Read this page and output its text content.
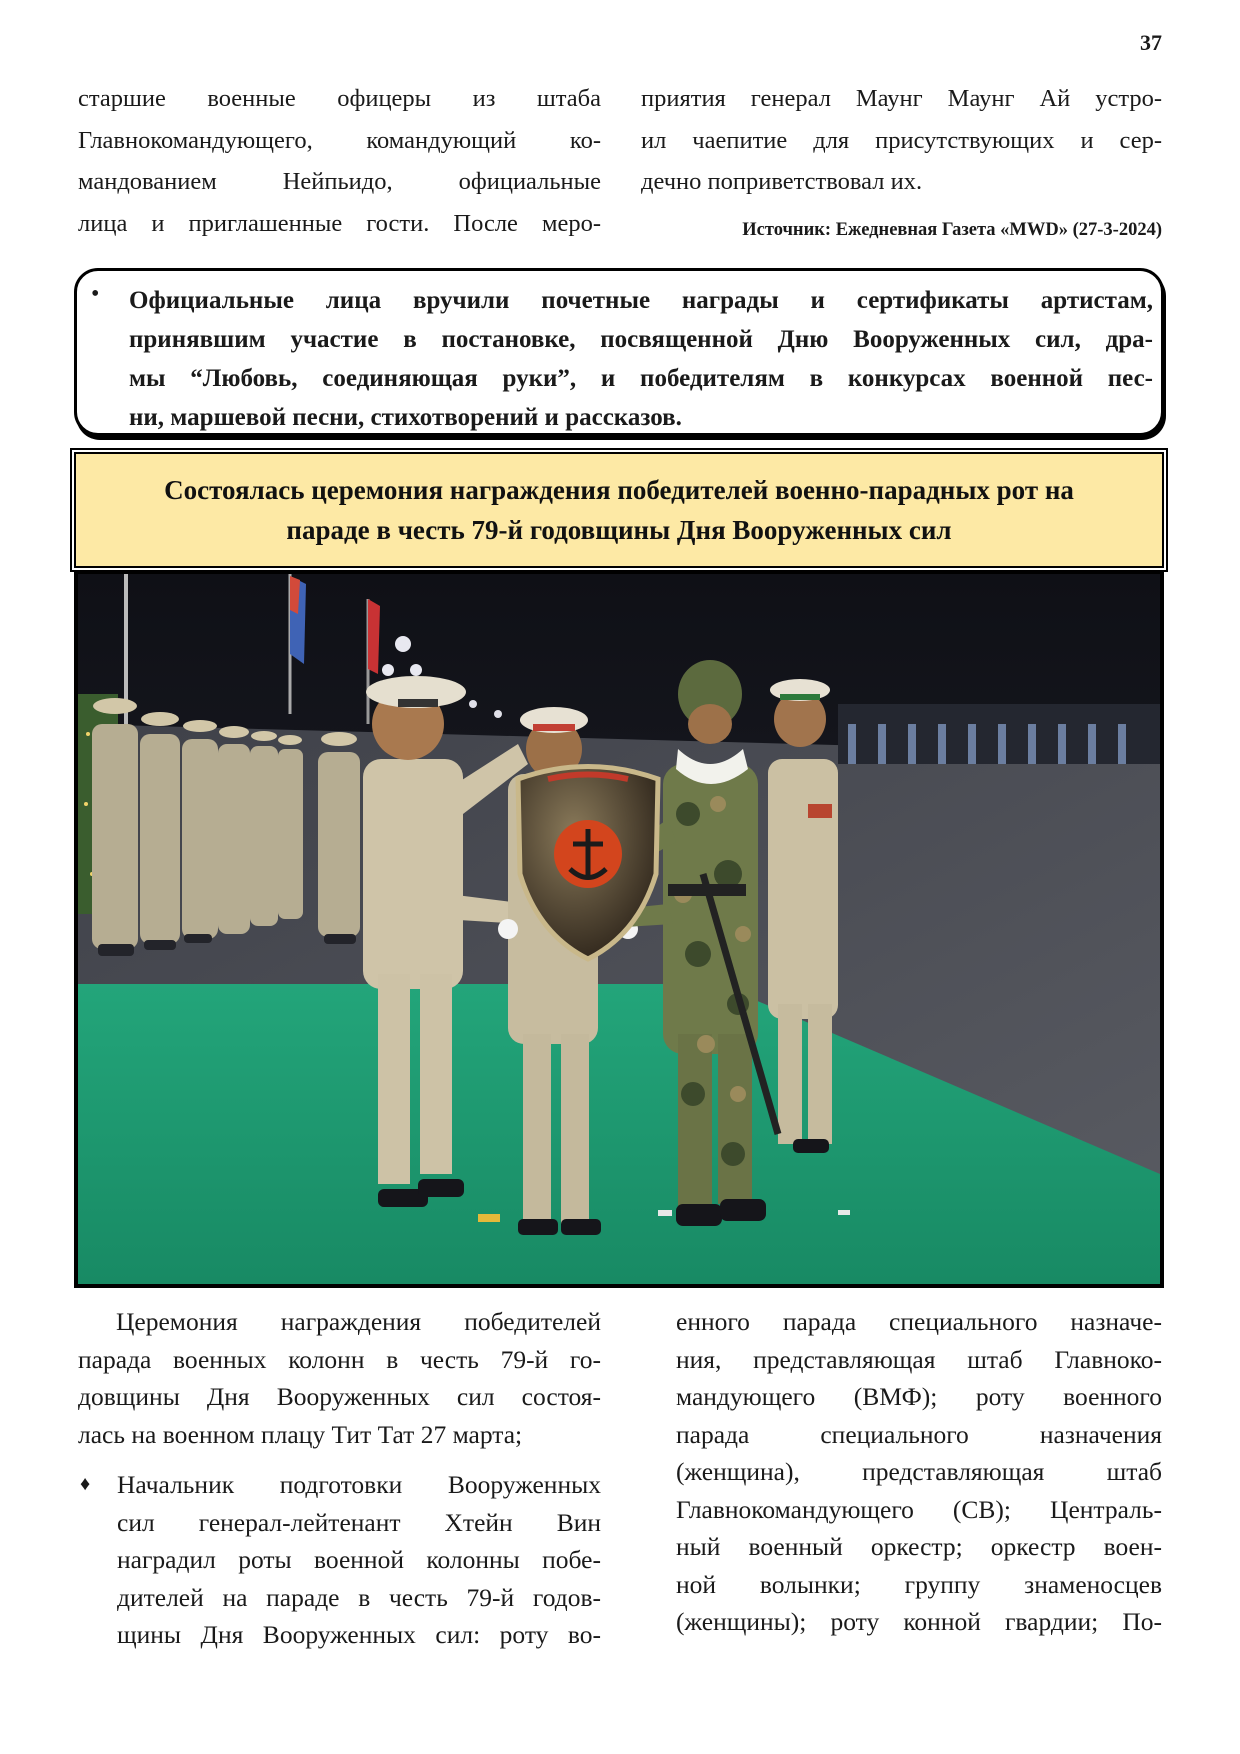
37
старшие военные офицеры из штаба
Главнокомандующего, командующий ко-
мандованием Нейпьидо, официальные
лица и приглашенные гости. После меро-
приятия генерал Маунг Маунг Ай устро-
ил чаепитие для присутствующих и сер-
дечно поприветствовал их.
Источник: Ежедневная Газета «MWD» (27-3-2024)
• Официальные лица вручили почетные награды и сертификаты артистам,
принявшим участие в постановке, посвященной Дню Вооруженных сил, дра-
мы “Любовь, соединяющая руки”, и победителям в конкурсах военной пес-
ни, маршевой песни, стихотворений и рассказов.
Состоялась церемония награждения победителей военно-парадных рот на
параде в честь 79-й годовщины Дня Вооруженных сил
Церемония награждения победителей
парада военных колонн в честь 79-й го-
довщины Дня Вооруженных сил состоя-
лась на военном плацу Тит Тат 27 марта;
♦ Начальник подготовки Вооруженных
сил генерал-лейтенант Хтейн Вин
наградил роты военной колонны побе-
дителей на параде в честь 79-й годов-
щины Дня Вооруженных сил: роту во-
енного парада специального назначе-
ния, представляющая штаб Главноко-
мандующего (ВМФ); роту военного
парада специального назначения
(женщина), представляющая штаб
Главнокомандующего (СВ); Централь-
ный военный оркестр; оркестр воен-
ной волынки; группу знаменосцев
(женщины); роту конной гвардии; По-
